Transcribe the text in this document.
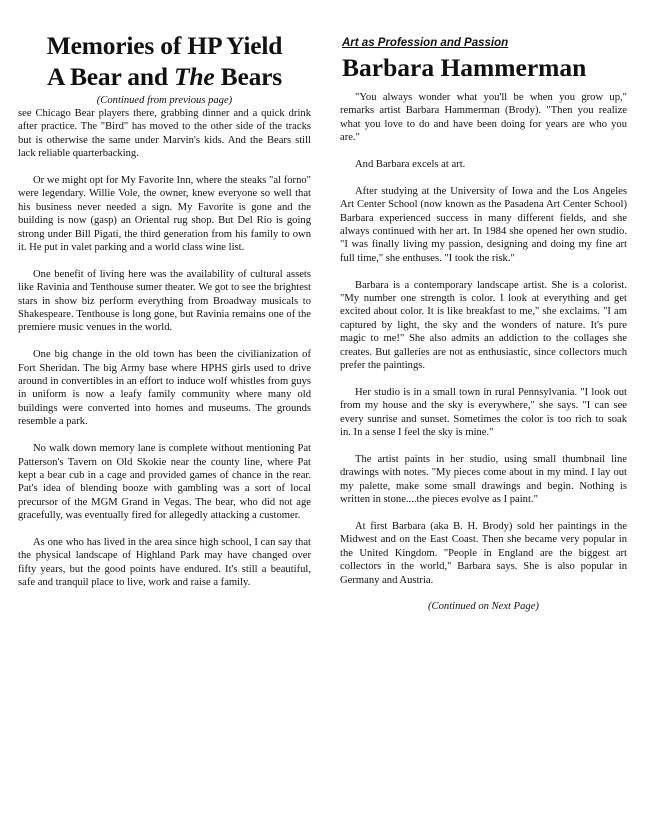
Memories of HP Yield
A Bear and The Bears
(Continued from previous page)

see Chicago Bear players there, grabbing dinner and a quick drink after practice. The "Bird" has moved to the other side of the tracks but is otherwise the same under Marvin's kids. And the Bears still lack reliable quarterbacking.

Or we might opt for My Favorite Inn, where the steaks "al forno" were legendary. Willie Vole, the owner, knew everyone so well that his business never needed a sign. My Favorite is gone and the building is now (gasp) an Oriental rug shop. But Del Rio is going strong under Bill Pigati, the third generation from his family to own it. He put in valet parking and a world class wine list.

One benefit of living here was the availability of cultural assets like Ravinia and Tenthouse sumer theater. We got to see the brightest stars in show biz perform everything from Broadway musicals to Shakespeare. Tenthouse is long gone, but Ravinia remains one of the premiere music venues in the world.

One big change in the old town has been the civilianization of Fort Sheridan. The big Army base where HPHS girls used to drive around in convertibles in an effort to induce wolf whistles from guys in uniform is now a leafy family community where many old buildings were converted into homes and museums. The grounds resemble a park.

No walk down memory lane is complete without mentioning Pat Patterson's Tavern on Old Skokie near the county line, where Pat kept a bear cub in a cage and provided games of chance in the rear. Pat's idea of blending booze with gambling was a sort of local precursor of the MGM Grand in Vegas. The bear, who did not age gracefully, was eventually fired for allegedly attacking a customer.

As one who has lived in the area since high school, I can say that the physical landscape of Highland Park may have changed over fifty years, but the good points have endured. It's still a beautiful, safe and tranquil place to live, work and raise a family.

Art as Profession and Passion
Barbara Hammerman

"You always wonder what you'll be when you grow up," remarks artist Barbara Hammerman (Brody). "Then you realize what you love to do and have been doing for years are who you are."

And Barbara excels at art.

After studying at the University of Iowa and the Los Angeles Art Center School (now known as the Pasadena Art Center School) Barbara experienced success in many different fields, and she always continued with her art. In 1984 she opened her own studio. "I was finally living my passion, designing and doing my fine art full time," she enthuses. "I took the risk."

Barbara is a contemporary landscape artist. She is a colorist. "My number one strength is color. I look at everything and get excited about color. It is like breakfast to me," she exclaims. "I am captured by light, the sky and the wonders of nature. It's pure magic to me!" She also admits an addiction to the collages she creates. But galleries are not as enthusiastic, since collectors much prefer the paintings.

Her studio is in a small town in rural Pennsylvania. "I look out from my house and the sky is everywhere," she says. "I can see every sunrise and sunset. Sometimes the color is too rich to soak in. In a sense I feel the sky is mine."

The artist paints in her studio, using small thumbnail line drawings with notes. "My pieces come about in my mind. I lay out my palette, make some small drawings and begin. Nothing is written in stone....the pieces evolve as I paint."

At first Barbara (aka B. H. Brody) sold her paintings in the Midwest and on the East Coast. Then she became very popular in the United Kingdom. "People in England are the biggest art collectors in the world," Barbara says. She is also popular in Germany and Austria.

(Continued on Next Page)
